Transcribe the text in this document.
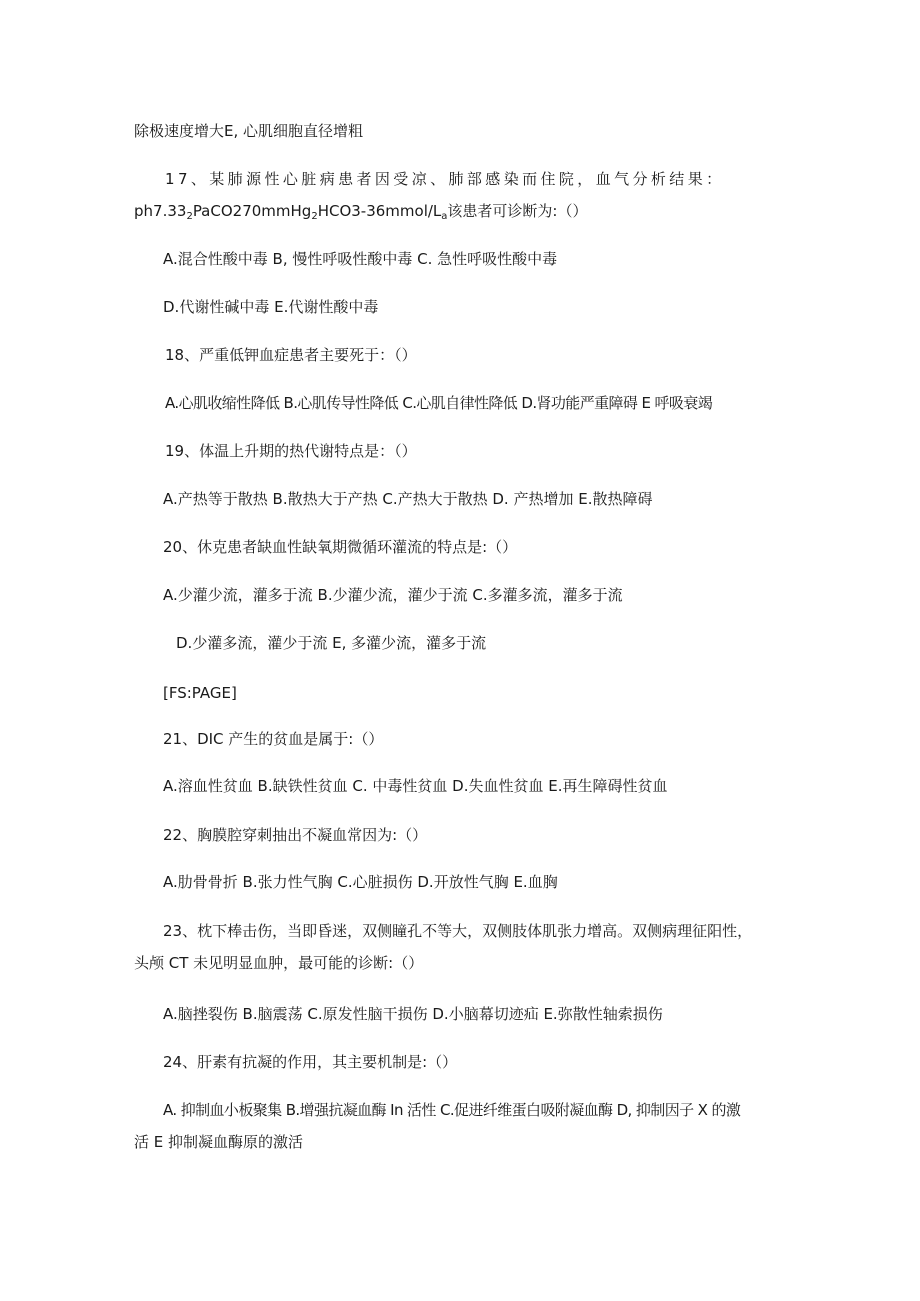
除极速度增大E, 心肌细胞直径增粗
17、某肺源性心脏病患者因受凉、肺部感染而住院，血气分析结果：
$ph7.33_2PaCO270mmHg_2HCO3-36mmol/L_a$该患者可诊断为:（）
A.混合性酸中毒 B, 慢性呼吸性酸中毒 C. 急性呼吸性酸中毒
D.代谢性碱中毒 E.代谢性酸中毒
18、严重低钾血症患者主要死于：（）
A.心肌收缩性降低 B.心肌传导性降低 C.心肌自律性降低 D.肾功能严重障碍 E 呼吸衰竭
19、体温上升期的热代谢特点是：（）
A.产热等于散热 B.散热大于产热 C.产热大于散热 D. 产热增加 E.散热障碍
20、休克患者缺血性缺氧期微循环灌流的特点是:（）
A.少灌少流，灌多于流 B.少灌少流，灌少于流 C.多灌多流，灌多于流
D.少灌多流，灌少于流 E, 多灌少流，灌多于流
[FS:PAGE]
21、DIC 产生的贫血是属于:（）
A.溶血性贫血 B.缺铁性贫血 C. 中毒性贫血 D.失血性贫血 E.再生障碍性贫血
22、胸膜腔穿刺抽出不凝血常因为:（）
A.肋骨骨折 B.张力性气胸 C.心脏损伤 D.开放性气胸 E.血胸
23、枕下棒击伤，当即昏迷，双侧瞳孔不等大，双侧肢体肌张力增高。双侧病理征阳性，
头颅 CT 未见明显血肿，最可能的诊断:（）
A.脑挫裂伤 B.脑震荡 C.原发性脑干损伤 D.小脑幕切迹疝 E.弥散性轴索损伤
24、肝素有抗凝的作用，其主要机制是:（）
A. 抑制血小板聚集 B.增强抗凝血酶 In 活性 C.促进纤维蛋白吸附凝血酶 D, 抑制因子 X 的激
活 E 抑制凝血酶原的激活
